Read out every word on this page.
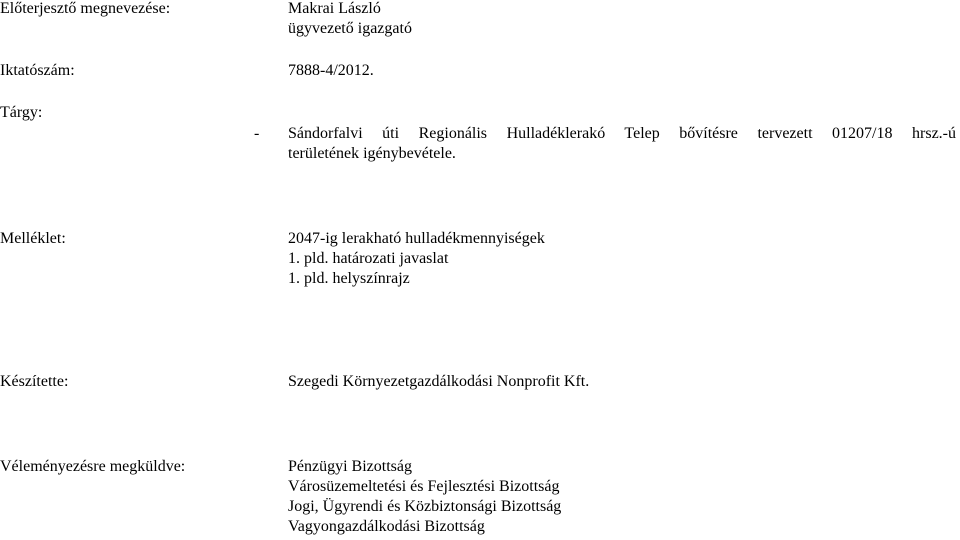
Előterjesztő megnevezése:	Makrai László
ügyvezető igazgató
Iktatószám:	7888-4/2012.
Tárgy:
- Sándorfalvi úti Regionális Hulladéklerakó Telep bővítésre tervezett 01207/18 hrsz.-ú
területének igénybevétele.
Melléklet:	2047-ig lerakható hulladékmennyiségek
1. pld. határozati javaslat
1. pld. helyszínrajz
Készítette:	Szegedi Környezetgazdálkodási Nonprofit Kft.
Véleményezésre megküldve:	Pénzügyi Bizottság
Városüzemeltetési és Fejlesztési Bizottság
Jogi, Ügyrendi és Közbiztonsági Bizottság
Vagyongazdálkodási Bizottság
